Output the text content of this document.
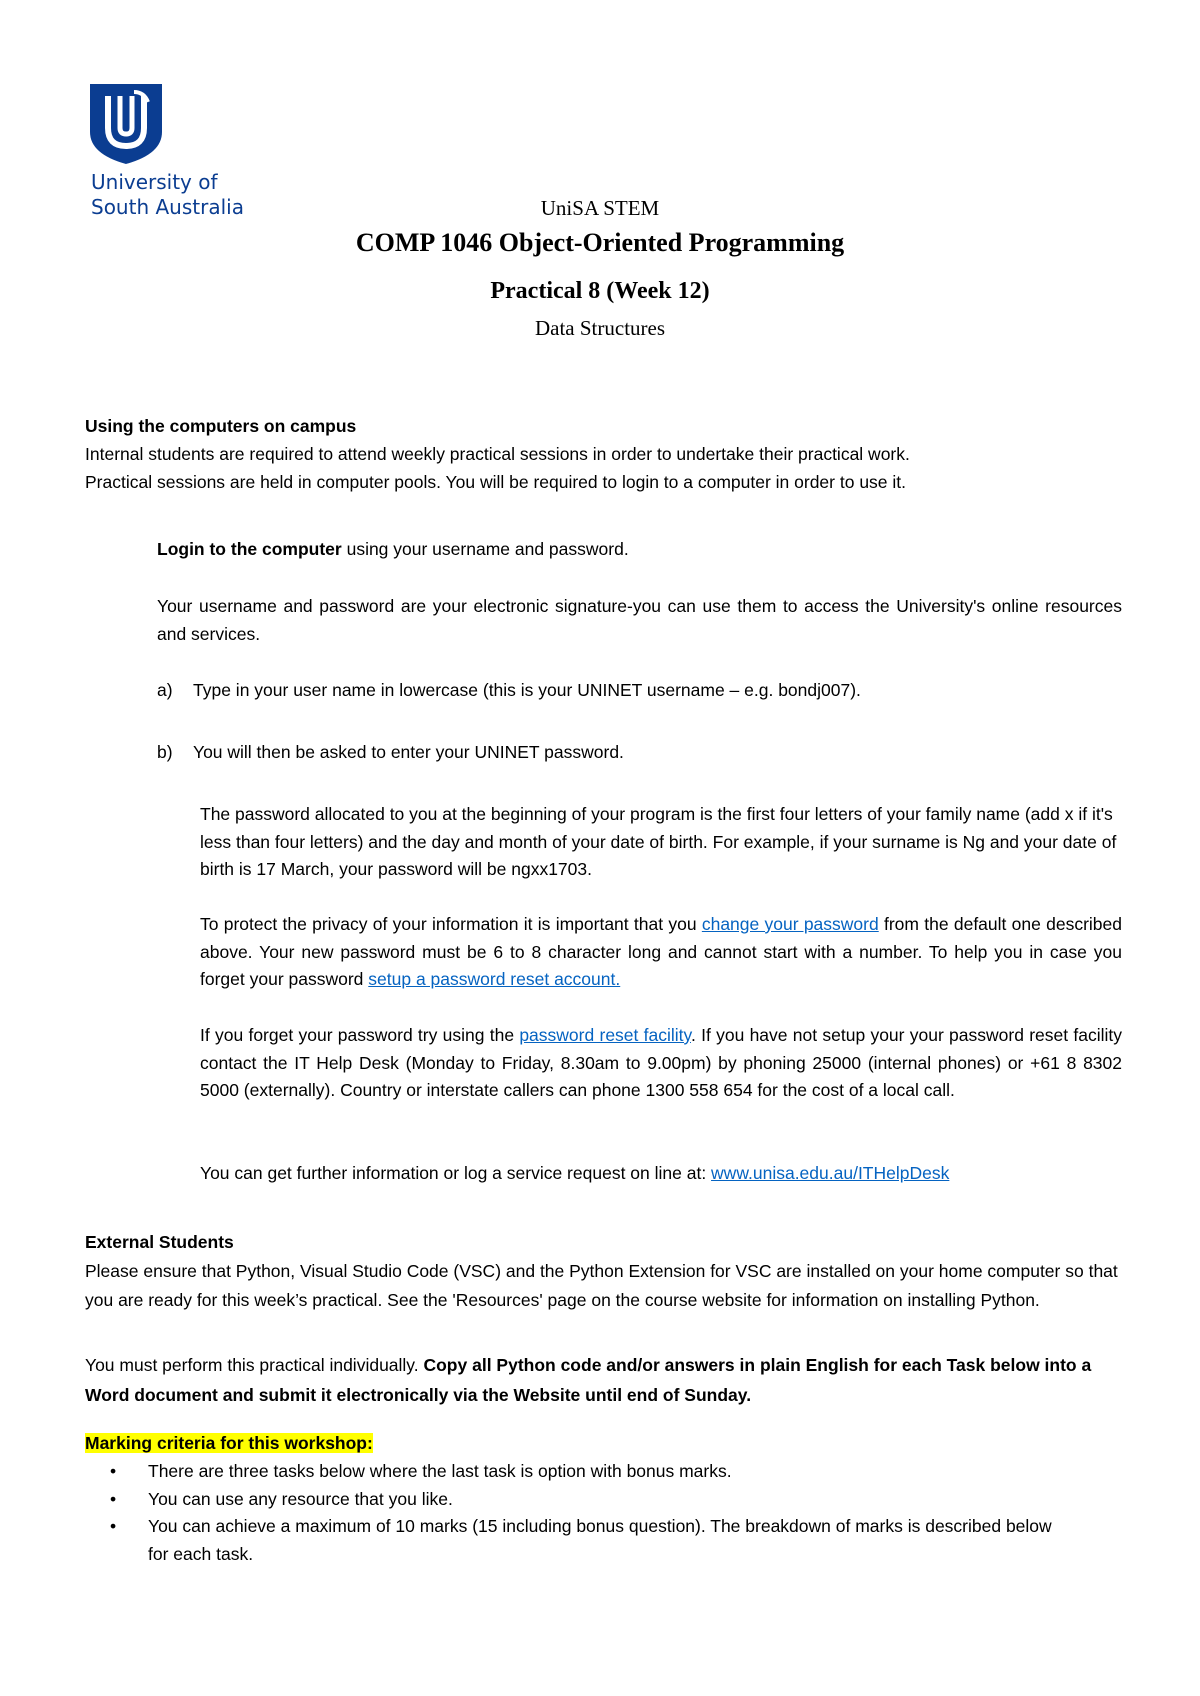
University of
South Australia	UniSA STEM
COMP 1046 Object-Oriented Programming
Practical 8 (Week 12)
Data Structures
Using the computers on campus
Internal students are required to attend weekly practical sessions in order to undertake their practical work.
Practical sessions are held in computer pools. You will be required to login to a computer in order to use it.
Login to the computer using your username and password.
Your username and password are your electronic signature-you can use them to access the University's online resources and services.
a) Type in your user name in lowercase (this is your UNINET username – e.g. bondj007).
b) You will then be asked to enter your UNINET password.
The password allocated to you at the beginning of your program is the first four letters of your family name (add x if it's less than four letters) and the day and month of your date of birth. For example, if your surname is Ng and your date of birth is 17 March, your password will be ngxx1703.
To protect the privacy of your information it is important that you change your password from the default one described above. Your new password must be 6 to 8 character long and cannot start with a number. To help you in case you forget your password setup a password reset account.
If you forget your password try using the password reset facility. If you have not setup your your password reset facility contact the IT Help Desk (Monday to Friday, 8.30am to 9.00pm) by phoning 25000 (internal phones) or +61 8 8302 5000 (externally). Country or interstate callers can phone 1300 558 654 for the cost of a local call.
You can get further information or log a service request on line at: www.unisa.edu.au/ITHelpDesk
External Students
Please ensure that Python, Visual Studio Code (VSC) and the Python Extension for VSC are installed on your home computer so that you are ready for this week’s practical. See the 'Resources' page on the course website for information on installing Python.
You must perform this practical individually. Copy all Python code and/or answers in plain English for each Task below into a Word document and submit it electronically via the Website until end of Sunday.
Marking criteria for this workshop:
• There are three tasks below where the last task is option with bonus marks.
• You can use any resource that you like.
• You can achieve a maximum of 10 marks (15 including bonus question). The breakdown of marks is described below for each task.
